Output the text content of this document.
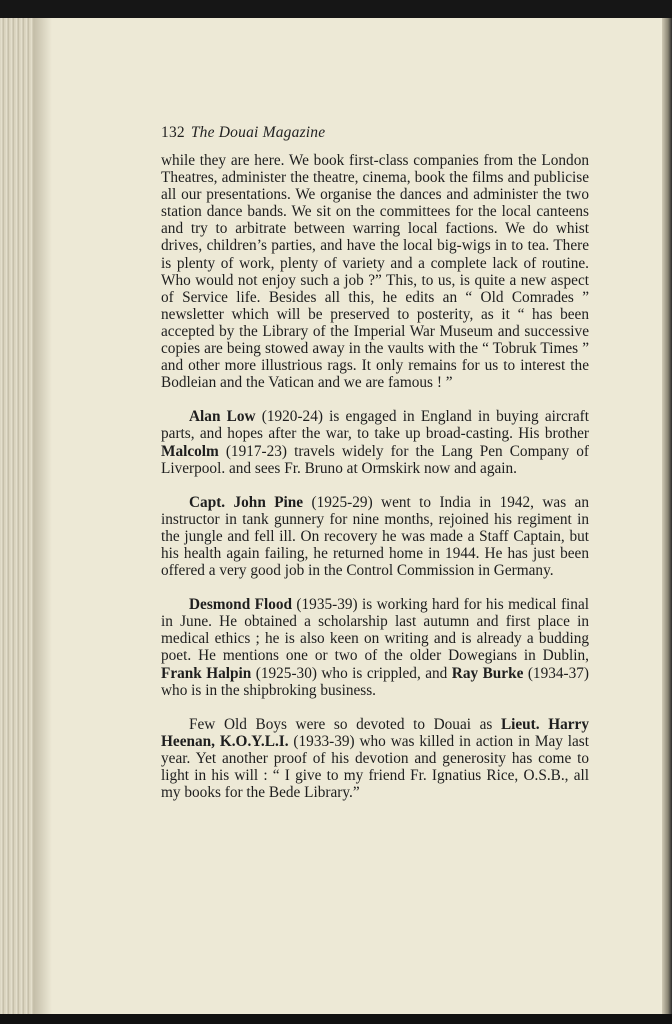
132 The Douai Magazine

while they are here. We book first-class companies from the London Theatres, administer the theatre, cinema, book the films and publicise all our presentations. We organise the dances and administer the two station dance bands. We sit on the committees for the local canteens and try to arbitrate between warring local factions. We do whist drives, children’s parties, and have the local big-wigs in to tea. There is plenty of work, plenty of variety and a complete lack of routine. Who would not enjoy such a job ?” This, to us, is quite a new aspect of Service life. Besides all this, he edits an “ Old Comrades ” newsletter which will be preserved to posterity, as it “ has been accepted by the Library of the Imperial War Museum and successive copies are being stowed away in the vaults with the “ Tobruk Times ” and other more illustrious rags. It only remains for us to interest the Bodleian and the Vatican and we are famous ! ”

Alan Low (1920-24) is engaged in England in buying aircraft parts, and hopes after the war, to take up broad-casting. His brother Malcolm (1917-23) travels widely for the Lang Pen Company of Liverpool. and sees Fr. Bruno at Ormskirk now and again.

Capt. John Pine (1925-29) went to India in 1942, was an instructor in tank gunnery for nine months, rejoined his regiment in the jungle and fell ill. On recovery he was made a Staff Captain, but his health again failing, he returned home in 1944. He has just been offered a very good job in the Control Commission in Germany.

Desmond Flood (1935-39) is working hard for his medical final in June. He obtained a scholarship last autumn and first place in medical ethics ; he is also keen on writing and is already a budding poet. He mentions one or two of the older Dowegians in Dublin, Frank Halpin (1925-30) who is crippled, and Ray Burke (1934-37) who is in the shipbroking business.

Few Old Boys were so devoted to Douai as Lieut. Harry Heenan, K.O.Y.L.I. (1933-39) who was killed in action in May last year. Yet another proof of his devotion and generosity has come to light in his will : “ I give to my friend Fr. Ignatius Rice, O.S.B., all my books for the Bede Library.”
